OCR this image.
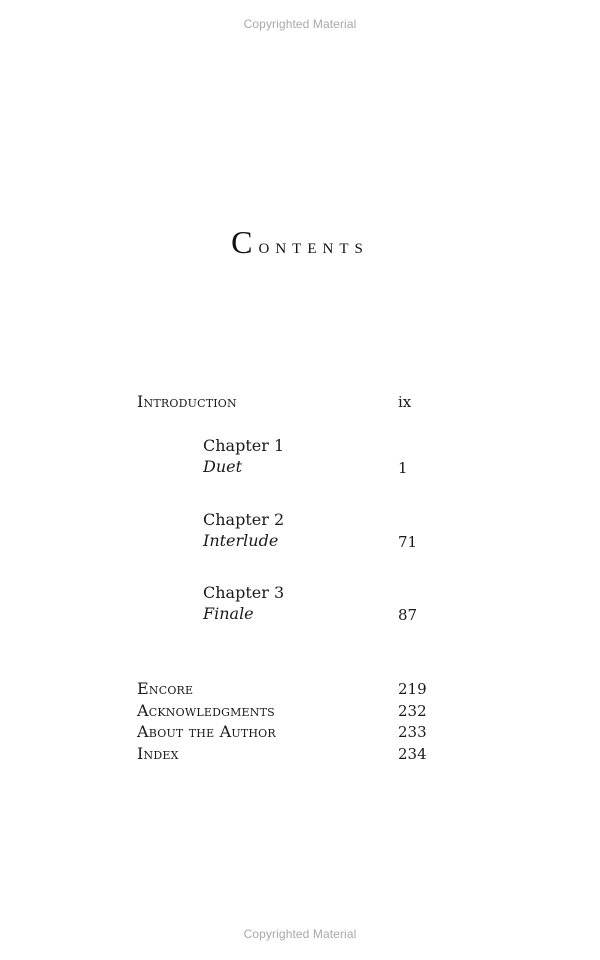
Copyrighted Material
Contents
Introduction	ix
Chapter 1
Duet	1
Chapter 2
Interlude	71
Chapter 3
Finale	87
Encore	219
Acknowledgments	232
About the Author	233
Index	234
Copyrighted Material
